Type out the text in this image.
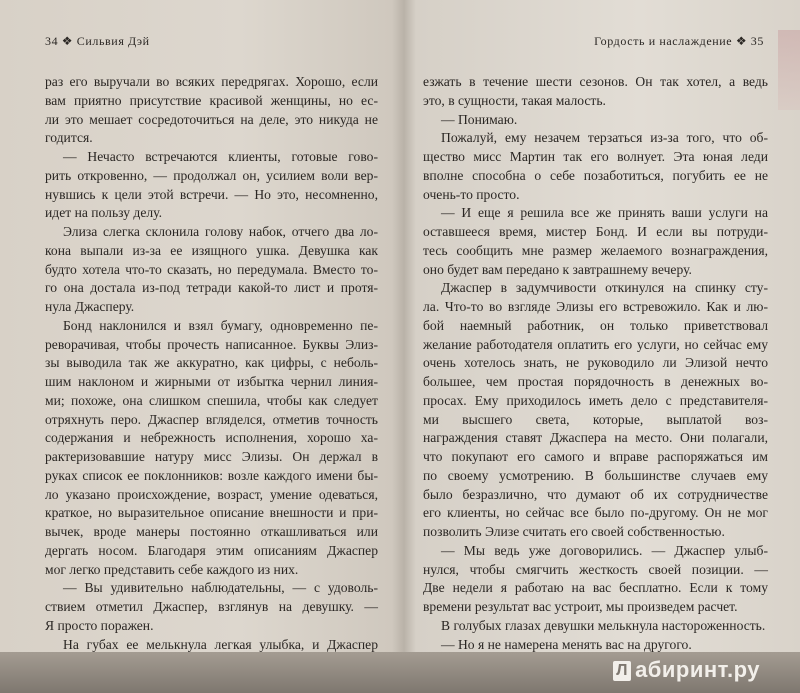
34 ❖ Сильвия Дэй
раз его выручали во всяких передрягах. Хорошо, если
вам приятно присутствие красивой женщины, но ес-
ли это мешает сосредоточиться на деле, это никуда не
годится.
— Нечасто встречаются клиенты, готовые гово-
рить откровенно, — продолжал он, усилием воли вер-
нувшись к цели этой встречи. — Но это, несомненно,
идет на пользу делу.
Элиза слегка склонила голову набок, отчего два ло-
кона выпали из-за ее изящного ушка. Девушка как
будто хотела что-то сказать, но передумала. Вместо то-
го она достала из-под тетради какой-то лист и протя-
нула Джасперу.
Бонд наклонился и взял бумагу, одновременно пе-
реворачивая, чтобы прочесть написанное. Буквы Элиз-
зы выводила так же аккуратно, как цифры, с неболь-
шим наклоном и жирными от избытка чернил линия-
ми; похоже, она слишком спешила, чтобы как следует
отряхнуть перо. Джаспер вгляделся, отметив точность
содержания и небрежность исполнения, хорошо ха-
рактеризовавшие натуру мисс Элизы. Он держал в
руках список ее поклонников: возле каждого имени бы-
ло указано происхождение, возраст, умение одеваться,
краткое, но выразительное описание внешности и при-
вычек, вроде манеры постоянно откашливаться или
дергать носом. Благодаря этим описаниям Джаспер
мог легко представить себе каждого из них.
— Вы удивительно наблюдательны, — с удоволь-
ствием отметил Джаспер, взглянув на девушку. —
Я просто поражен.
На губах ее мелькнула легкая улыбка, и Джаспер
Гордость и наслаждение ❖ 35
езжать в течение шести сезонов. Он так хотел, а ведь
это, в сущности, такая малость.
— Понимаю.
Пожалуй, ему незачем терзаться из-за того, что об-
щество мисс Мартин так его волнует. Эта юная леди
вполне способна о себе позаботиться, погубить ее не
очень-то просто.
— И еще я решила все же принять ваши услуги на
оставшееся время, мистер Бонд. И если вы потруди-
тесь сообщить мне размер желаемого вознаграждения,
оно будет вам передано к завтрашнему вечеру.
Джаспер в задумчивости откинулся на спинку сту-
ла. Что-то во взгляде Элизы его встревожило. Как и лю-
бой наемный работник, он только приветствовал
желание работодателя оплатить его услуги, но сейчас ему
очень хотелось знать, не руководило ли Элизой нечто
большее, чем простая порядочность в денежных во-
просах. Ему приходилось иметь дело с представителя-
ми высшего света, которые, выплатой воз-
награждения ставят Джаспера на место. Они полагали,
что покупают его самого и вправе распоряжаться им
по своему усмотрению. В большинстве случаев ему
было безразлично, что думают об их сотрудничестве
его клиенты, но сейчас все было по-другому. Он не мог
позволить Элизе считать его своей собственностью.
— Мы ведь уже договорились. — Джаспер улыб-
нулся, чтобы смягчить жесткость своей позиции. —
Две недели я работаю на вас бесплатно. Если к тому
времени результат вас устроит, мы произведем расчет.
В голубых глазах девушки мелькнула настороженность.
— Но я не намерена менять вас на другого.
Л абиринт.ру
